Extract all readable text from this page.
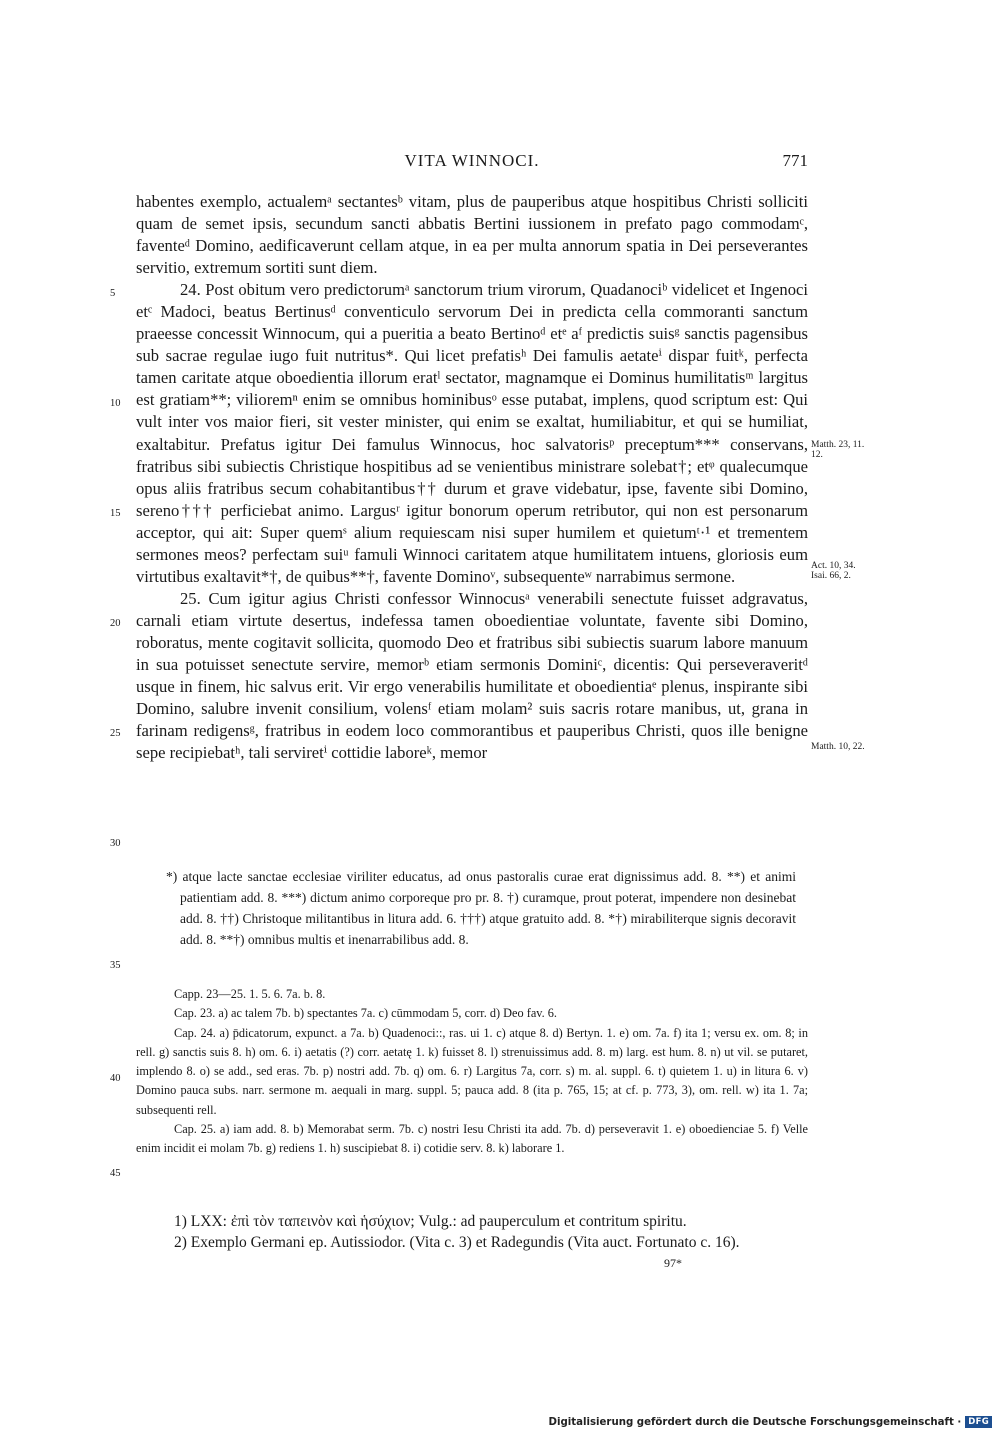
VITA WINNOCI.	771

habentes exemplo, actualemᵃ sectantesᵇ vitam, plus de pauperibus atque hospitibus Christi solliciti quam de semet ipsis, secundum sancti abbatis Bertini iussionem in prefato pago commodamᶜ, faventeᵈ Domino, aedificaverunt cellam atque, in ea per multa annorum spatia in Dei perseverantes servitio, extremum sortiti sunt diem.

24. Post obitum vero predictorumᵃ sanctorum trium virorum, Quadanociᵇ videlicet et Ingenoci etᶜ Madoci, beatus Bertinusᵈ conventiculo servorum Dei in predicta cella commoranti sanctum praeesse concessit Winnocum, qui a pueritia a beato Bertinoᵈ etᵉ aᶠ predictis suisᵍ sanctis pagensibus sub sacrae regulae iugo fuit nutritus*. Qui licet prefatisʰ Dei famulis aetateⁱ dispar fuitᵏ, perfecta tamen caritate atque oboedientia illorum eratˡ sectator, magnamque ei Dominus humilitatisᵐ largitus est gratiam**; vilioremⁿ enim se omnibus hominibusᵒ esse putabat, implens, quod scriptum est: Qui vult inter vos maior fieri, sit vester minister, qui enim se exaltat, humiliabitur, et qui se humiliat, exaltabitur. Prefatus igitur Dei famulus Winnocus, hoc salvatorisᵖ preceptum*** conservans, fratribus sibi subiectis Christique hospitibus ad se venientibus ministrare solebat†; etᵠ qualecumque opus aliis fratribus secum cohabitantibus†† durum et grave videbatur, ipse, favente sibi Domino, sereno††† perficiebat animo. Largusʳ igitur bonorum operum retributor, qui non est personarum acceptor, qui ait: Super quemˢ alium requiescam nisi super humilem et quietumᵗ·¹ et trementem sermones meos? perfectam suiᵘ famuli Winnoci caritatem atque humilitatem intuens, gloriosis eum virtutibus exaltavit*†, de quibus**†, favente Dominoᵛ, subsequenteʷ narrabimus sermone.

25. Cum igitur agius Christi confessor Winnocusᵃ venerabili senectute fuisset adgravatus, carnali etiam virtute desertus, indefessa tamen oboedientiae voluntate, favente sibi Domino, roboratus, mente cogitavit sollicita, quomodo Deo et fratribus sibi subiectis suarum labore manuum in sua potuisset senectute servire, memorᵇ etiam sermonis Dominiᶜ, dicentis: Qui perseveraveritᵈ usque in finem, hic salvus erit. Vir ergo venerabilis humilitate et oboedientiaᵉ plenus, inspirante sibi Domino, salubre invenit consilium, volensᶠ etiam molam² suis sacris rotare manibus, ut, grana in farinam redigensᵍ, fratribus in eodem loco commorantibus et pauperibus Christi, quos ille benigne sepe recipiebatʰ, tali serviretⁱ cottidie laboreᵏ, memor

5
10
15
20
25
30
35
40
45
Matth. 23, 11. 12.
Act. 10, 34. Isai. 66, 2.
Matth. 10, 22.

*) atque lacte sanctae ecclesiae viriliter educatus, ad onus pastoralis curae erat dignissimus add. 8. **) et animi patientiam add. 8. ***) dictum animo corporeque pro pr. 8. †) curamque, prout poterat, impendere non desinebat add. 8. ††) Christoque militantibus in litura add. 6. †††) atque gratuito add. 8. *†) mirabiliterque signis decoravit add. 8. **†) omnibus multis et inenarrabilibus add. 8.

Capp. 23—25. 1. 5. 6. 7a. b. 8.

Cap. 23. a) ac talem 7b. b) spectantes 7a. c) cūmmodam 5, corr. d) Deo fav. 6.

Cap. 24. a) p̄dicatorum, expunct. a 7a. b) Quadenoci::, ras. ui 1. c) atque 8. d) Bertyn. 1. e) om. 7a. f) ita 1; versu ex. om. 8; in rell. g) sanctis suis 8. h) om. 6. i) aetatis (?) corr. aetatę 1. k) fuisset 8. l) strenuissimus add. 8. m) larg. est hum. 8. n) ut vil. se putaret, implendo 8. o) se add., sed eras. 7b. p) nostri add. 7b. q) om. 6. r) Largitus 7a, corr. s) m. al. suppl. 6. t) quietem 1. u) in litura 6. v) Domino pauca subs. narr. sermone m. aequali in marg. suppl. 5; pauca add. 8 (ita p. 765, 15; at cf. p. 773, 3), om. rell. w) ita 1. 7a; subsequenti rell.

Cap. 25. a) iam add. 8. b) Memorabat serm. 7b. c) nostri Iesu Christi ita add. 7b. d) perseveravit 1. e) oboedienciae 5. f) Velle enim incidit ei molam 7b. g) rediens 1. h) suscipiebat 8. i) cotidie serv. 8. k) laborare 1.

1) LXX: ἐπὶ τὸν ταπεινὸν καὶ ἡσύχιον; Vulg.: ad pauperculum et contritum spiritu.

2) Exemplo Germani ep. Autissiodor. (Vita c. 3) et Radegundis (Vita auct. Fortunato c. 16).

97*
Digitalisierung gefördert durch die Deutsche Forschungsgemeinschaft · DFG
